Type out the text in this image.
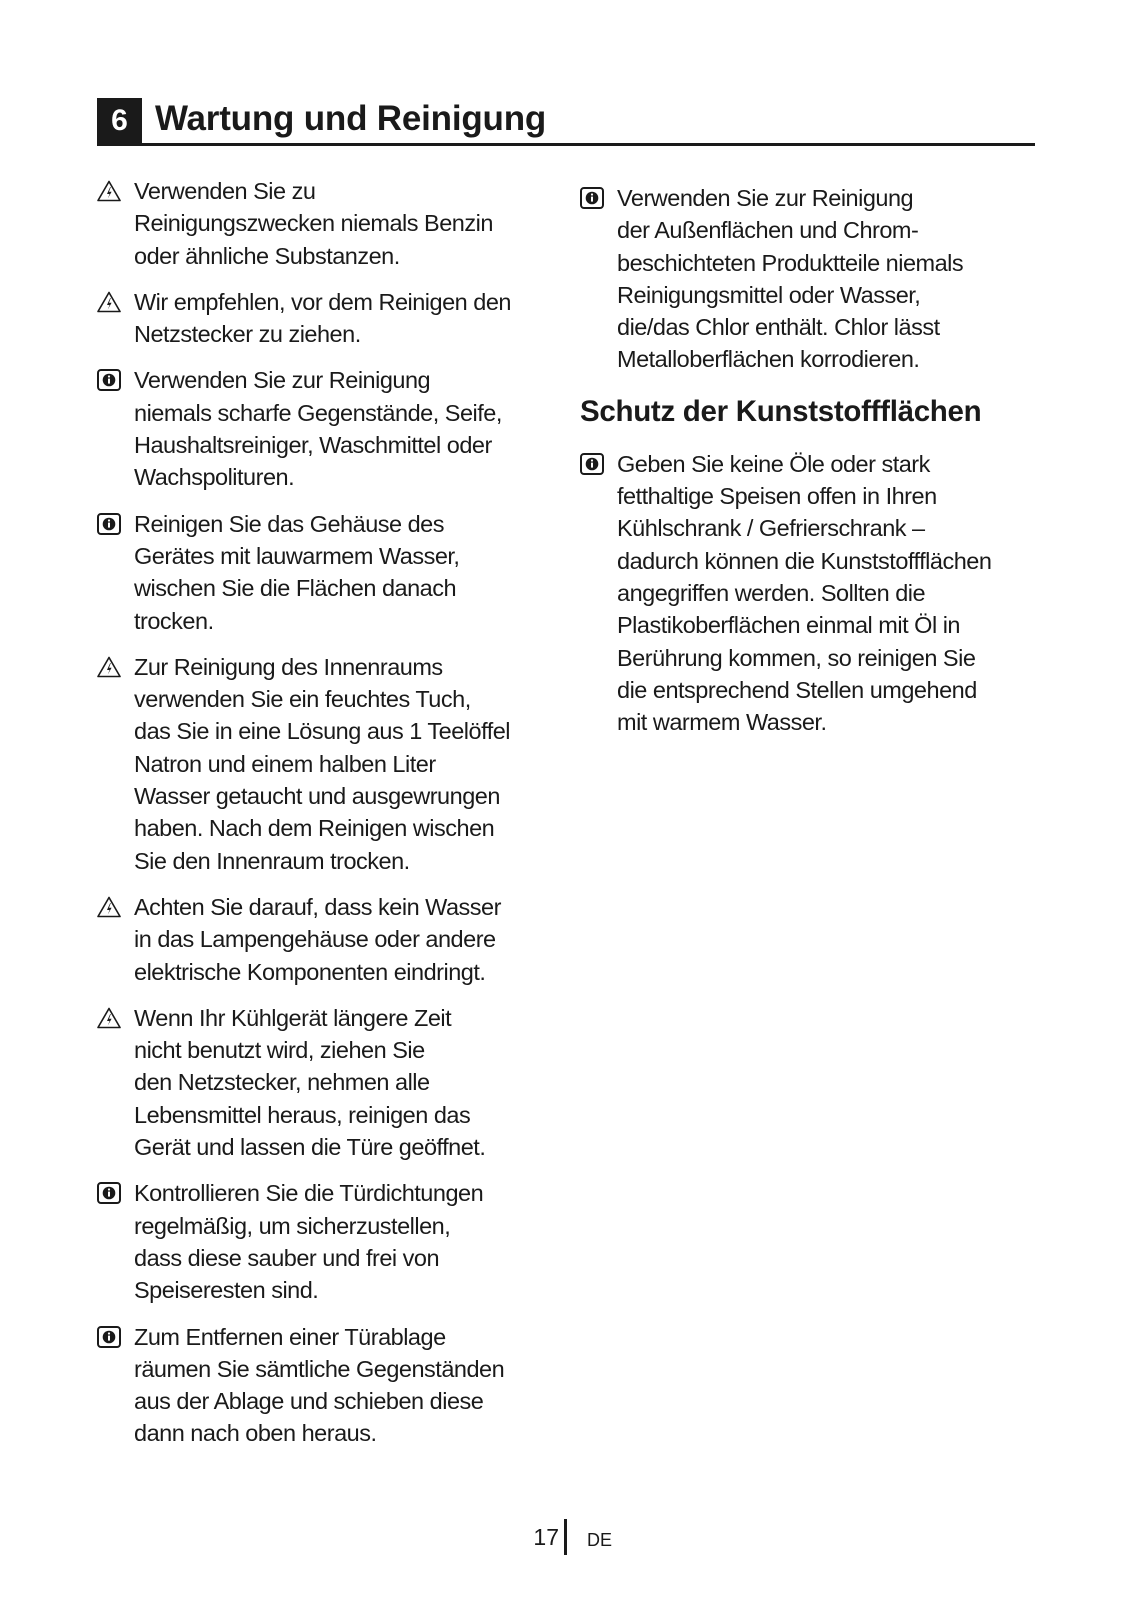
6 Wartung und Reinigung

Verwenden Sie zu
Reinigungszwecken niemals Benzin
oder ähnliche Substanzen.

Wir empfehlen, vor dem Reinigen den
Netzstecker zu ziehen.

Verwenden Sie zur Reinigung
niemals scharfe Gegenstände, Seife,
Haushaltsreiniger, Waschmittel oder
Wachspolituren.

Reinigen Sie das Gehäuse des
Gerätes mit lauwarmem Wasser,
wischen Sie die Flächen danach
trocken.

Zur Reinigung des Innenraums
verwenden Sie ein feuchtes Tuch,
das Sie in eine Lösung aus 1 Teelöffel
Natron und einem halben Liter
Wasser getaucht und ausgewrungen
haben. Nach dem Reinigen wischen
Sie den Innenraum trocken.

Achten Sie darauf, dass kein Wasser
in das Lampengehäuse oder andere
elektrische Komponenten eindringt.

Wenn Ihr Kühlgerät längere Zeit
nicht benutzt wird, ziehen Sie
den Netzstecker, nehmen alle
Lebensmittel heraus, reinigen das
Gerät und lassen die Türe geöffnet.

Kontrollieren Sie die Türdichtungen
regelmäßig, um sicherzustellen,
dass diese sauber und frei von
Speiseresten sind.

Zum Entfernen einer Türablage
räumen Sie sämtliche Gegenständen
aus der Ablage und schieben diese
dann nach oben heraus.

Verwenden Sie zur Reinigung
der Außenflächen und Chrom-
beschichteten Produktteile niemals
Reinigungsmittel oder Wasser,
die/das Chlor enthält. Chlor lässt
Metalloberflächen korrodieren.

Schutz der Kunststoffflächen

Geben Sie keine Öle oder stark
fetthaltige Speisen offen in Ihren
Kühlschrank / Gefrierschrank –
dadurch können die Kunststoffflächen
angegriffen werden. Sollten die
Plastikoberflächen einmal mit Öl in
Berührung kommen, so reinigen Sie
die entsprechend Stellen umgehend
mit warmem Wasser.

17 DE
